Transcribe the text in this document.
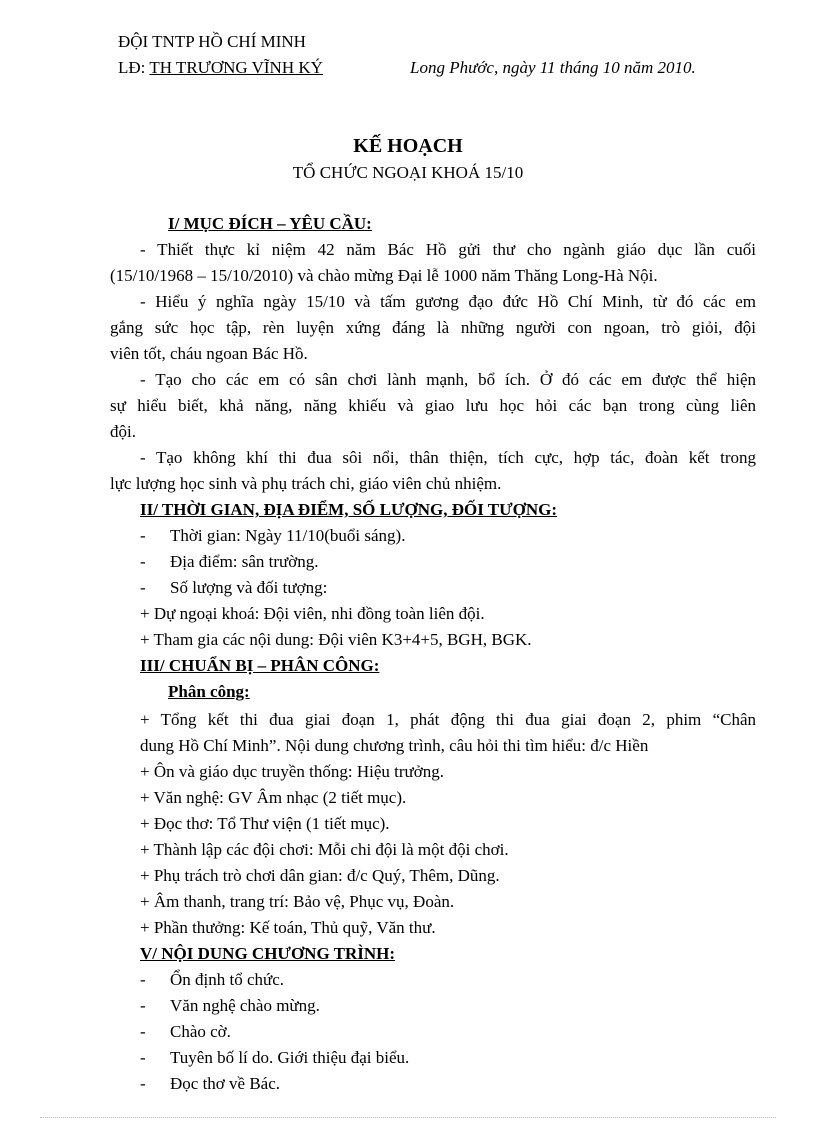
ĐỘI TNTP HỒ CHÍ MINH
LĐ: TH TRƯƠNG VĨNH KÝ	Long Phước, ngày 11 tháng 10 năm 2010.
KẾ HOẠCH
TỔ CHỨC NGOẠI KHOÁ 15/10
I/ MỤC ĐÍCH – YÊU CẦU:
- Thiết thực kỉ niệm 42 năm Bác Hồ gửi thư cho ngành giáo dục lần cuối
(15/10/1968 – 15/10/2010) và chào mừng Đại lễ 1000 năm Thăng Long-Hà Nội.
- Hiểu ý nghĩa ngày 15/10 và tấm gương đạo đức Hồ Chí Minh, từ đó các em
gắng sức học tập, rèn luyện xứng đáng là những người con ngoan, trò giỏi, đội
viên tốt, cháu ngoan Bác Hồ.
- Tạo cho các em có sân chơi lành mạnh, bổ ích. Ở đó các em được thể hiện
sự hiểu biết, khả năng, năng khiếu và giao lưu học hỏi các bạn trong cùng liên
đội.
- Tạo không khí thi đua sôi nổi, thân thiện, tích cực, hợp tác, đoàn kết trong
lực lượng học sinh và phụ trách chi, giáo viên chủ nhiệm.
II/ THỜI GIAN, ĐỊA ĐIỂM, SỐ LƯỢNG, ĐỐI TƯỢNG:
- Thời gian: Ngày 11/10(buổi sáng).
- Địa điểm: sân trường.
- Số lượng và đối tượng:
+ Dự ngoại khoá: Đội viên, nhi đồng toàn liên đội.
+ Tham gia các nội dung: Đội viên K3+4+5, BGH, BGK.
III/ CHUẨN BỊ – PHÂN CÔNG:
Phân công:
+ Tổng kết thi đua giai đoạn 1, phát động thi đua giai đoạn 2, phim “Chân
dung Hồ Chí Minh”. Nội dung chương trình, câu hỏi thi tìm hiểu: đ/c Hiền
+ Ôn và giáo dục truyền thống: Hiệu trưởng.
+ Văn nghệ: GV Âm nhạc (2 tiết mục).
+ Đọc thơ: Tổ Thư viện (1 tiết mục).
+ Thành lập các đội chơi: Mỗi chi đội là một đội chơi.
+ Phụ trách trò chơi dân gian: đ/c Quý, Thêm, Dũng.
+ Âm thanh, trang trí: Bảo vệ, Phục vụ, Đoàn.
+ Phần thưởng: Kế toán, Thủ quỹ, Văn thư.
V/ NỘI DUNG CHƯƠNG TRÌNH:
- Ổn định tổ chức.
- Văn nghệ chào mừng.
- Chào cờ.
- Tuyên bố lí do. Giới thiệu đại biểu.
- Đọc thơ về Bác.
